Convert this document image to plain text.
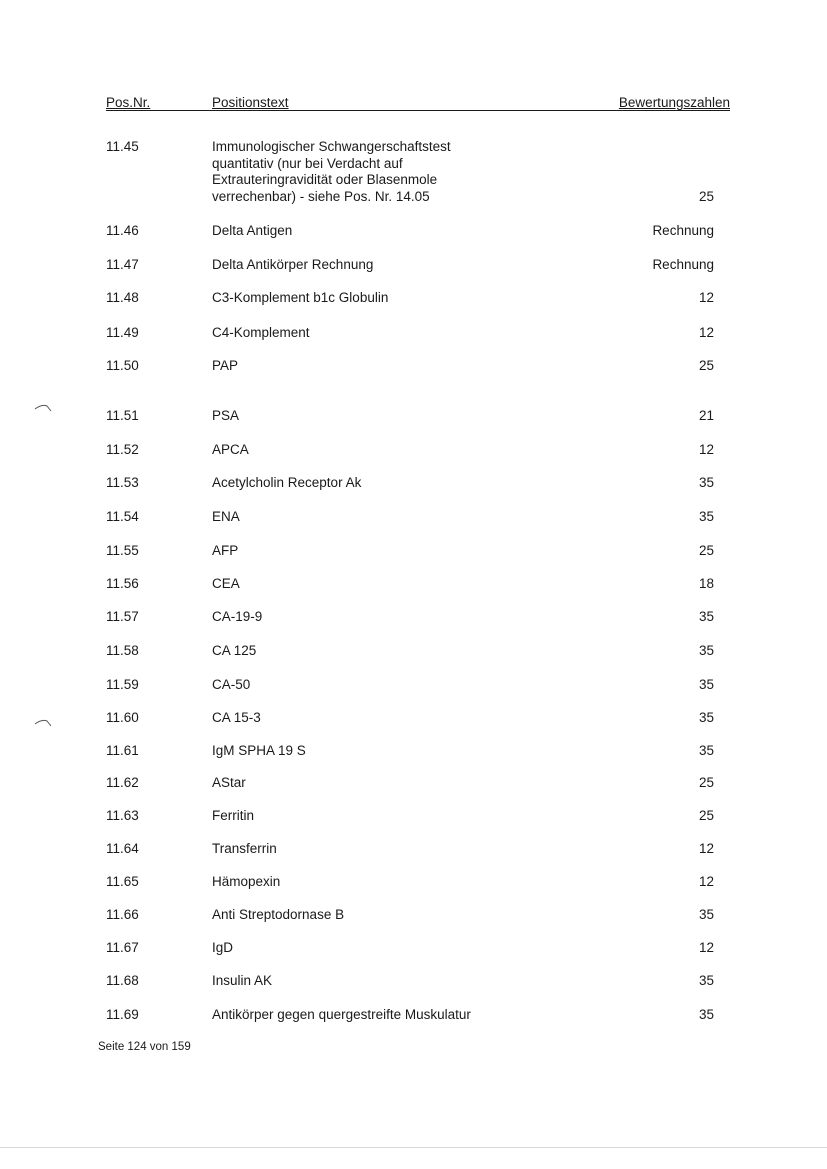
Pos.Nr.	Positionstext	Bewertungszahlen
11.45	Immunologischer Schwangerschaftstest
quantitativ (nur bei Verdacht auf
Extrauteringravidität oder Blasenmole
verrechenbar) - siehe Pos. Nr. 14.05	25
11.46	Delta Antigen	Rechnung
11.47	Delta Antikörper Rechnung	Rechnung
11.48	C3-Komplement b1c Globulin	12
11.49	C4-Komplement	12
11.50	PAP	25
11.51	PSA	21
11.52	APCA	12
11.53	Acetylcholin Receptor Ak	35
11.54	ENA	35
11.55	AFP	25
11.56	CEA	18
11.57	CA-19-9	35
11.58	CA 125	35
11.59	CA-50	35
11.60	CA 15-3	35
11.61	IgM SPHA 19 S	35
11.62	AStar	25
11.63	Ferritin	25
11.64	Transferrin	12
11.65	Hämopexin	12
11.66	Anti Streptodornase B	35
11.67	IgD	12
11.68	Insulin AK	35
11.69	Antikörper gegen quergestreifte Muskulatur	35
Seite 124 von 159
